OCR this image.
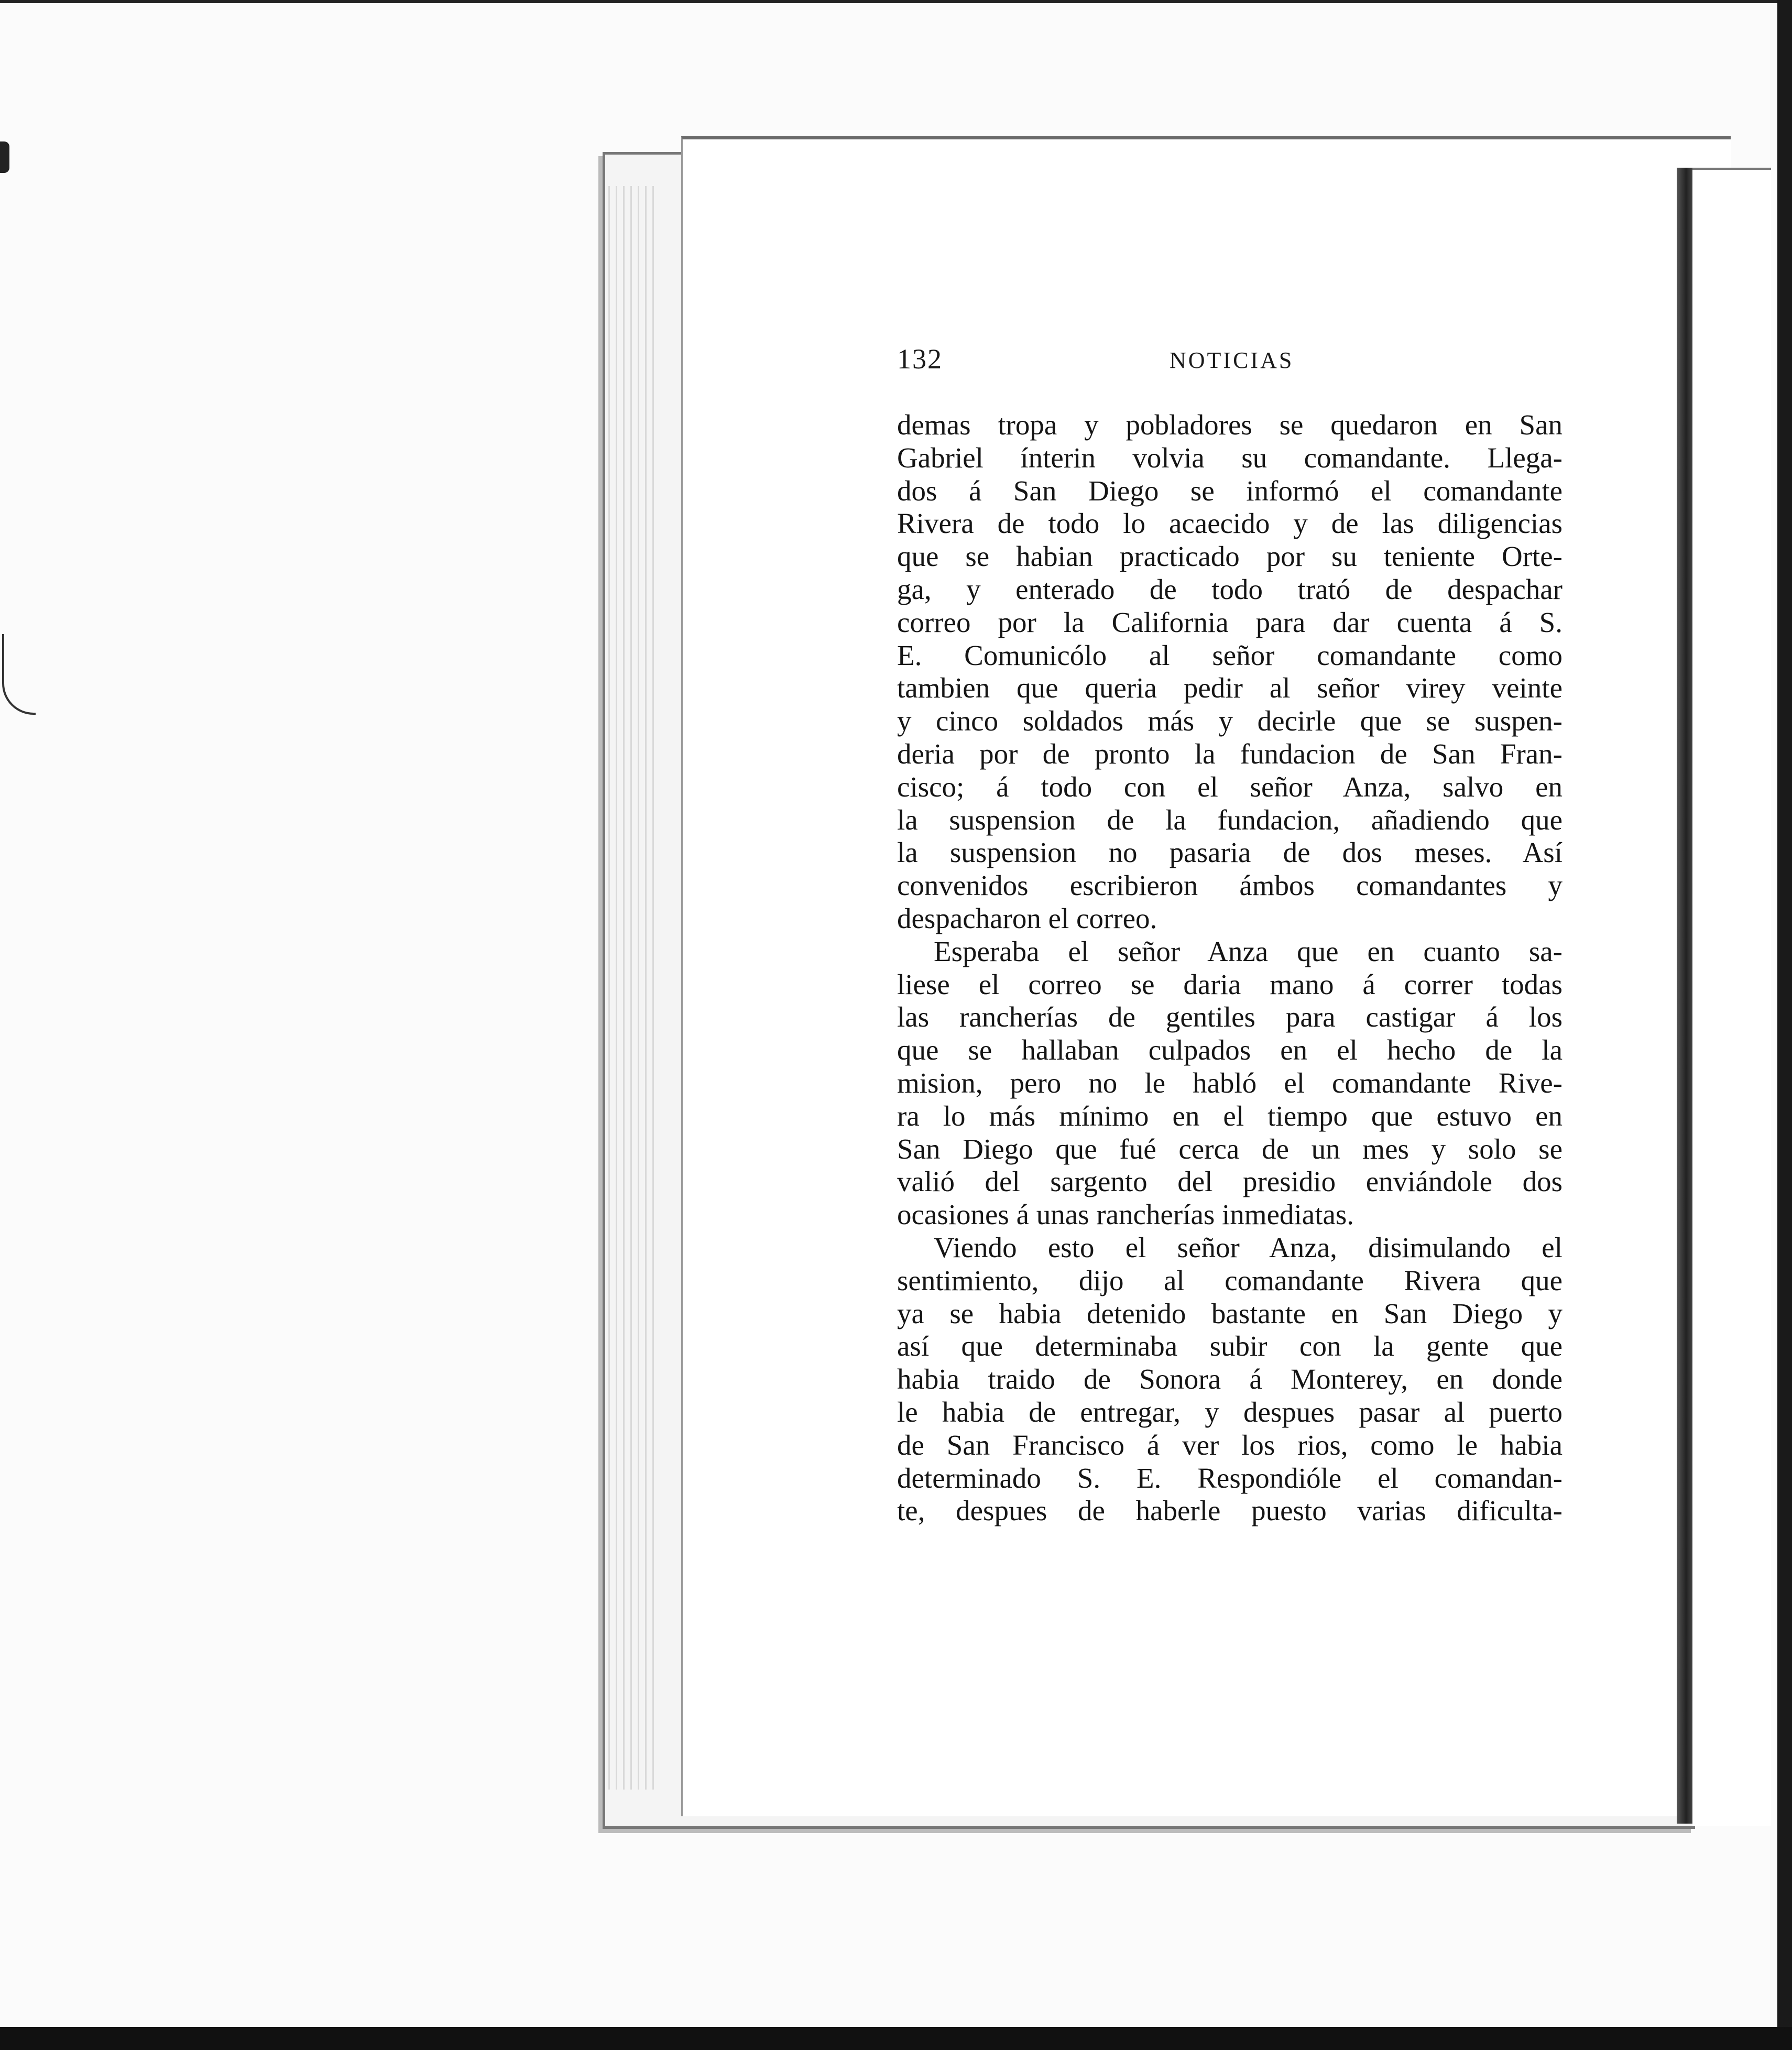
132	NOTICIAS
demas tropa y pobladores se quedaron en San
Gabriel ínterin volvia su comandante. Llega-
dos á San Diego se informó el comandante
Rivera de todo lo acaecido y de las diligencias
que se habian practicado por su teniente Orte-
ga, y enterado de todo trató de despachar
correo por la California para dar cuenta á S.
E. Comunicólo al señor comandante como
tambien que queria pedir al señor virey veinte
y cinco soldados más y decirle que se suspen-
deria por de pronto la fundacion de San Fran-
cisco; á todo con el señor Anza, salvo en
la suspension de la fundacion, añadiendo que
la suspension no pasaria de dos meses. Así
convenidos escribieron ámbos comandantes y
despacharon el correo.
Esperaba el señor Anza que en cuanto sa-
liese el correo se daria mano á correr todas
las rancherías de gentiles para castigar á los
que se hallaban culpados en el hecho de la
mision, pero no le habló el comandante Rive-
ra lo más mínimo en el tiempo que estuvo en
San Diego que fué cerca de un mes y solo se
valió del sargento del presidio enviándole dos
ocasiones á unas rancherías inmediatas.
Viendo esto el señor Anza, disimulando el
sentimiento, dijo al comandante Rivera que
ya se habia detenido bastante en San Diego y
así que determinaba subir con la gente que
habia traido de Sonora á Monterey, en donde
le habia de entregar, y despues pasar al puerto
de San Francisco á ver los rios, como le habia
determinado S. E. Respondióle el comandan-
te, despues de haberle puesto varias dificulta-
